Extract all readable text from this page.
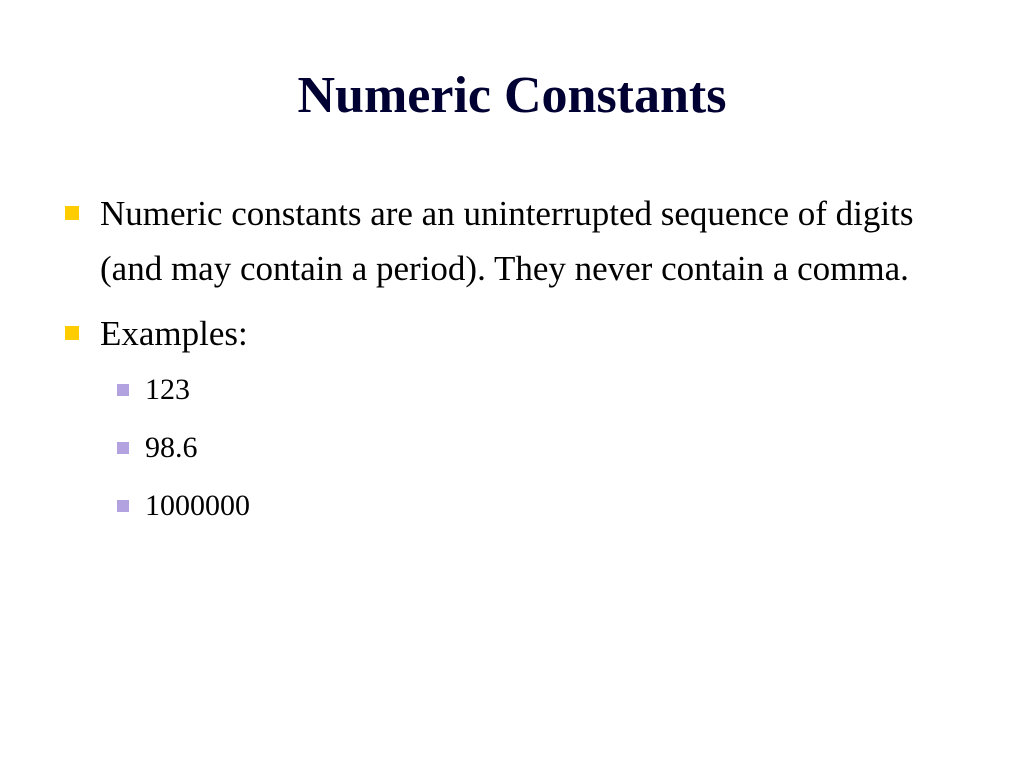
Numeric Constants
Numeric constants are an uninterrupted sequence of digits (and may contain a period). They never contain a comma.
Examples:
123
98.6
1000000
